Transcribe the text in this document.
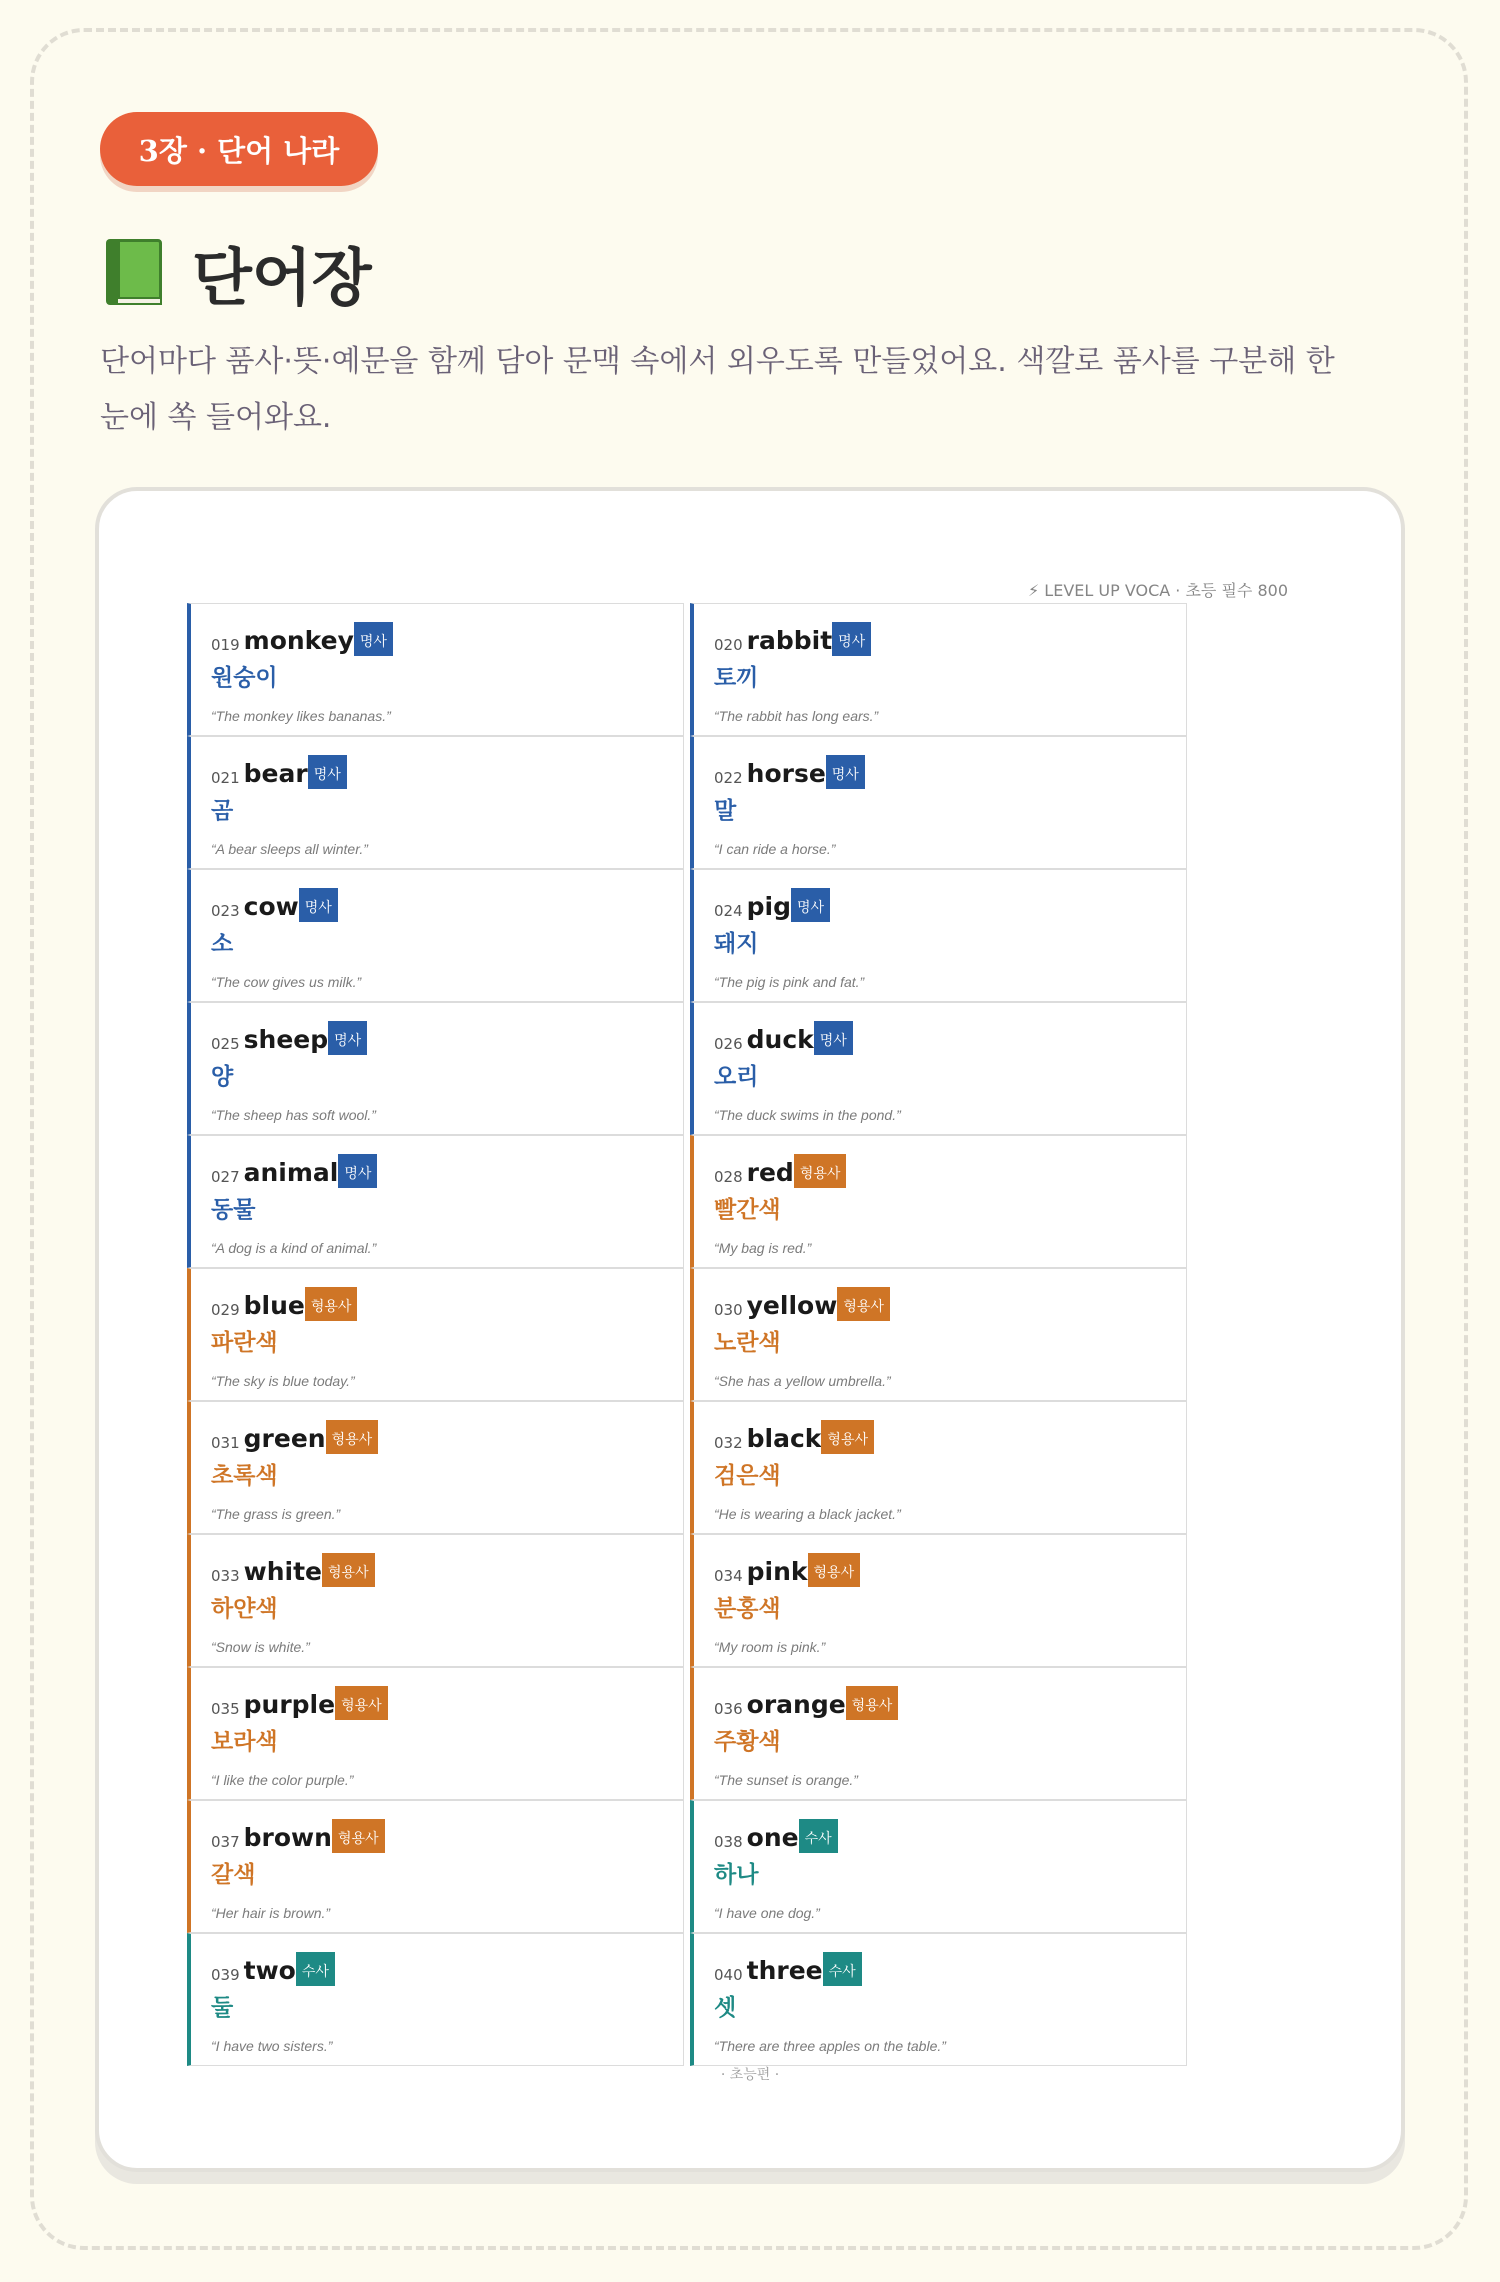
3장 · 단어 나라
단어장
단어마다 품사·뜻·예문을 함께 담아 문맥 속에서 외우도록 만들었어요. 색깔로 품사를 구분해 한눈에 쏙 들어와요.
⚡ LEVEL UP VOCA · 초등 필수 800
019 monkey 명사
원숭이
“The monkey likes bananas.”
020 rabbit 명사
토끼
“The rabbit has long ears.”
021 bear 명사
곰
“A bear sleeps all winter.”
022 horse 명사
말
“I can ride a horse.”
023 cow 명사
소
“The cow gives us milk.”
024 pig 명사
돼지
“The pig is pink and fat.”
025 sheep 명사
양
“The sheep has soft wool.”
026 duck 명사
오리
“The duck swims in the pond.”
027 animal 명사
동물
“A dog is a kind of animal.”
028 red 형용사
빨간색
“My bag is red.”
029 blue 형용사
파란색
“The sky is blue today.”
030 yellow 형용사
노란색
“She has a yellow umbrella.”
031 green 형용사
초록색
“The grass is green.”
032 black 형용사
검은색
“He is wearing a black jacket.”
033 white 형용사
하얀색
“Snow is white.”
034 pink 형용사
분홍색
“My room is pink.”
035 purple 형용사
보라색
“I like the color purple.”
036 orange 형용사
주황색
“The sunset is orange.”
037 brown 형용사
갈색
“Her hair is brown.”
038 one 수사
하나
“I have one dog.”
039 two 수사
둘
“I have two sisters.”
040 three 수사
셋
“There are three apples on the table.”
· 초능편 ·
